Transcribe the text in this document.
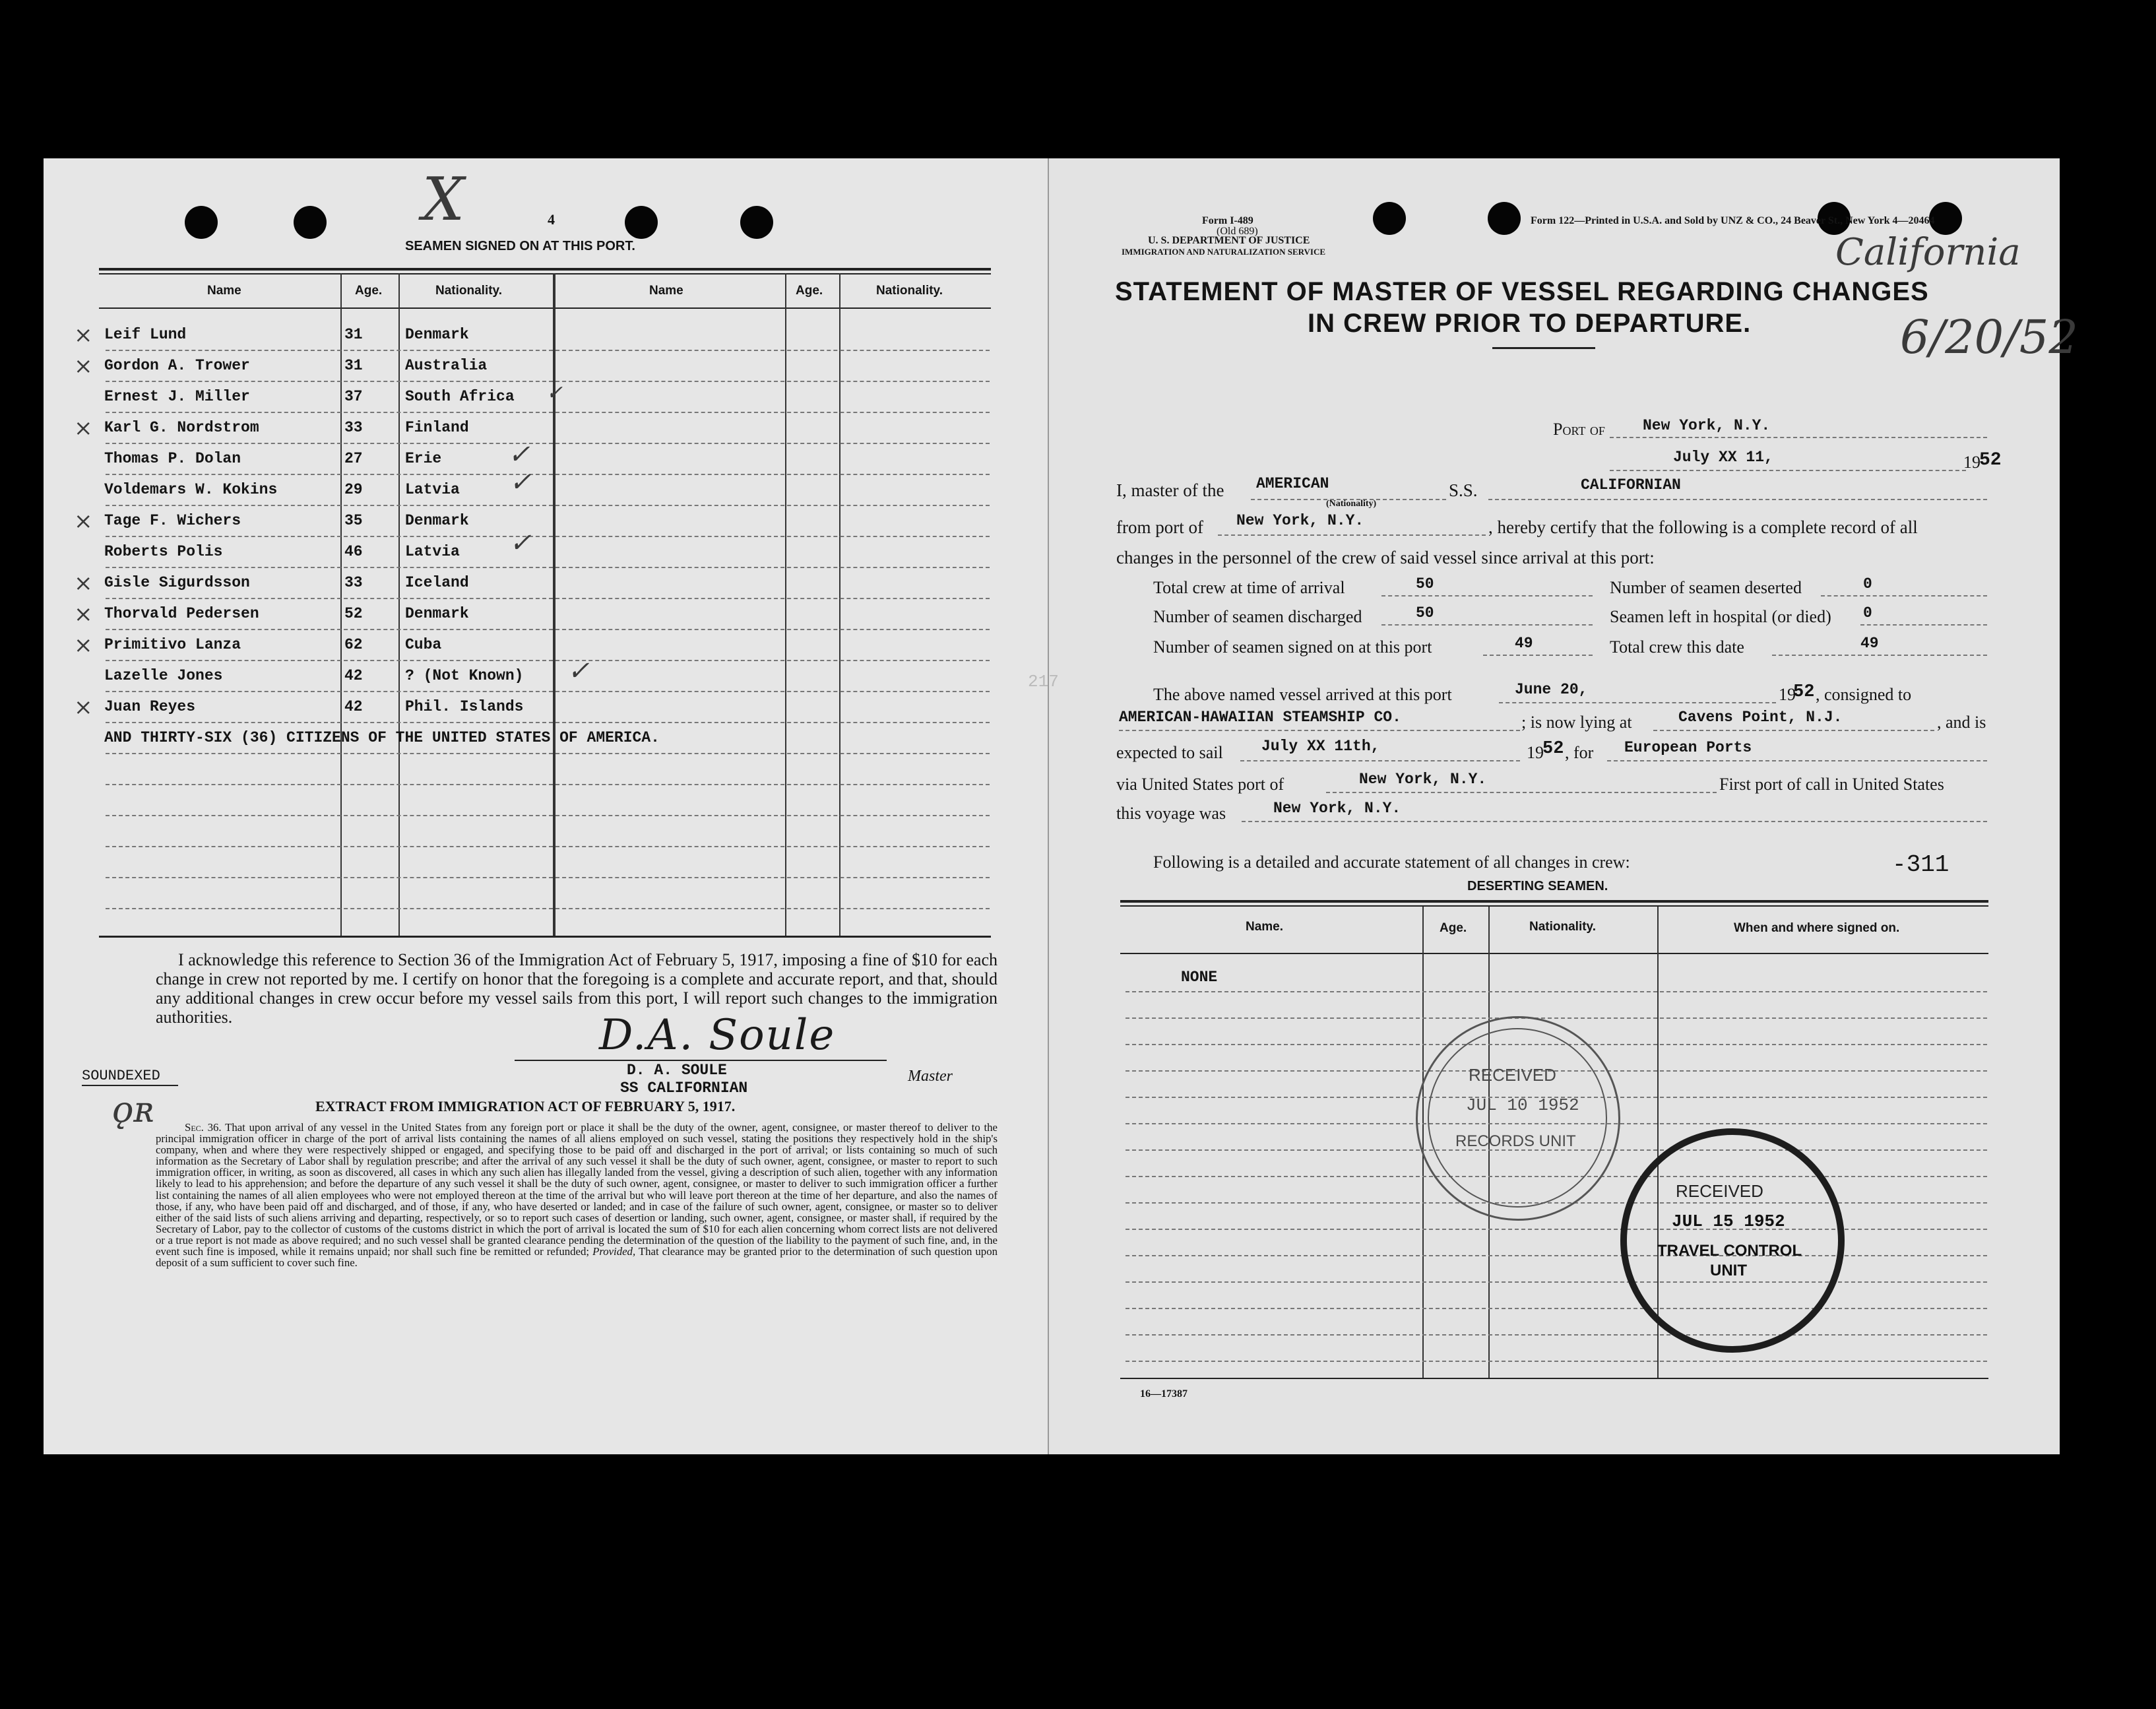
X	4
SEAMEN SIGNED ON AT THIS PORT.
Name	Age.	Nationality.	Name	Age.	Nationality.
× Leif Lund	31	Denmark
× Gordon A. Trower	31	Australia
Ernest J. Miller	37	South Africa ✓
× Karl G. Nordstrom	33	Finland
Thomas P. Dolan	27	Erie	✓
Voldemars W. Kokins	29	Latvia ✓
× Tage F. Wichers	35	Denmark
Roberts Polis	46	Latvia ✓
× Gisle Sigurdsson	33	Iceland
× Thorvald Pedersen	52	Denmark
× Primitivo Lanza	62	Cuba
Lazelle Jones	42	? (Not Known) ✓
× Juan Reyes	42	Phil. Islands
AND THIRTY-SIX (36) CITIZENS OF THE UNITED STATES OF AMERICA.
I acknowledge this reference to Section 36 of the Immigration Act of February 5, 1917, imposing a fine of $10 for each change in crew not reported by me. I certify on honor that the foregoing is a complete and accurate report, and that, should any additional changes in crew occur before my vessel sails from this port, I will report such changes to the immigration authorities.	D.A. Soule
D. A. SOULE
SS CALIFORNIAN
Master
SOUNDEXED
ǫʀ	EXTRACT FROM IMMIGRATION ACT OF FEBRUARY 5, 1917.
Sec. 36. That upon arrival of any vessel in the United States from any foreign port or place it shall be the duty of the owner, agent, consignee, or master thereof to deliver to the principal immigration officer in charge of the port of arrival lists containing the names of all aliens employed on such vessel, stating the positions they respectively hold in the ship's company, when and where they were respectively shipped or engaged, and specifying those to be paid off and discharged in the port of arrival; or lists containing so much of such information as the Secretary of Labor shall by regulation prescribe; and after the arrival of any such vessel it shall be the duty of such owner, agent, consignee, or master to report to such immigration officer, in writing, as soon as discovered, all cases in which any such alien has illegally landed from the vessel, giving a description of such alien, together with any information likely to lead to his apprehension; and before the departure of any such vessel it shall be the duty of such owner, agent, consignee, or master to deliver to such immigration officer a further list containing the names of all alien employees who were not employed thereon at the time of the arrival but who will leave port thereon at the time of her departure, and also the names of those, if any, who have been paid off and discharged, and of those, if any, who have deserted or landed; and in case of the failure of such owner, agent, consignee, or master so to deliver either of the said lists of such aliens arriving and departing, respectively, or so to report such cases of desertion or landing, such owner, agent, consignee, or master shall, if required by the Secretary of Labor, pay to the collector of customs of the customs district in which the port of arrival is located the sum of $10 for each alien concerning whom correct lists are not delivered or a true report is not made as above required; and no such vessel shall be granted clearance pending the determination of the question of the liability to the payment of such fine, and, in the event such fine is imposed, while it remains unpaid; nor shall such fine be remitted or refunded; Provided, That clearance may be granted prior to the determination of such question upon deposit of a sum sufficient to cover such fine.
Form I-489
(Old 689)
U. S. DEPARTMENT OF JUSTICE
IMMIGRATION AND NATURALIZATION SERVICE
Form 122—Printed in U.S.A. and Sold by UNZ & CO., 24 Beaver St., New York 4—20464
California
6/20/52
STATEMENT OF MASTER OF VESSEL REGARDING CHANGES
IN CREW PRIOR TO DEPARTURE.
Port of New York, N.Y.
July XX 11,	19
52
I, master of the AMERICAN
(Nationality)
S.S.	CALIFORNIAN
from port of New York, N.Y.	, hereby certify that the following is a complete record of all
changes in the personnel of the crew of said vessel since arrival at this port:
Total crew at time of arrival	50	Number of seamen deserted	0
Number of seamen discharged	50	Seamen left in hospital (or died) 0
Number of seamen signed on at this port	49	Total crew this date	49
The above named vessel arrived at this port	June 20,	19
52 , consigned to
AMERICAN-HAWAIIAN STEAMSHIP CO.	; is now lying at	Cavens Point, N.J.	, and is
expected to sail	July XX 11th,	19
52 , for European Ports
via United States port of	New York, N.Y.	First port of call in United States
this voyage was	New York, N.Y.
Following is a detailed and accurate statement of all changes in crew:	-311
DESERTING SEAMEN.
Name.	Age.	Nationality.	When and where signed on.
NONE
RECEIVED
JUL 10 1952
RECORDS UNIT
RECEIVED
JUL 15 1952
TRAVEL CONTROL
UNIT
217
16—17387
